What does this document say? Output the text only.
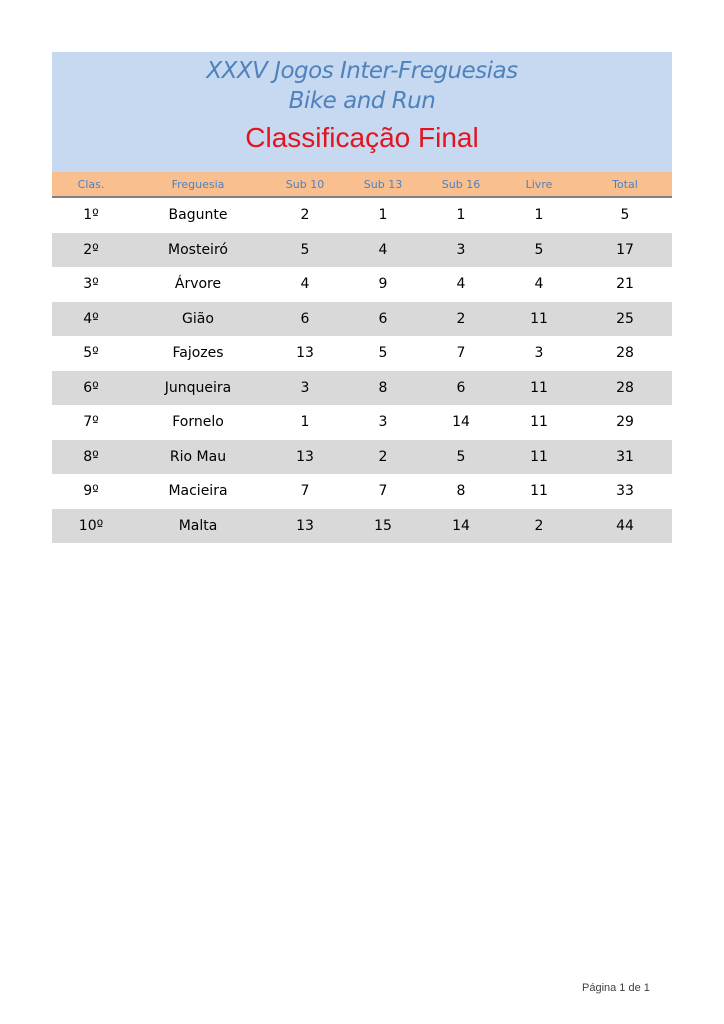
XXXV Jogos Inter-Freguesias
Bike and Run
Classificação Final
Clas.	Freguesia	Sub 10	Sub 13	Sub 16	Livre	Total
1º	Bagunte	2	1	1	1	5
2º	Mosteiró	5	4	3	5	17
3º	Árvore	4	9	4	4	21
4º	Gião	6	6	2	11	25
5º	Fajozes	13	5	7	3	28
6º	Junqueira	3	8	6	11	28
7º	Fornelo	1	3	14	11	29
8º	Rio Mau	13	2	5	11	31
9º	Macieira	7	7	8	11	33
10º	Malta	13	15	14	2	44
Página 1 de 1
